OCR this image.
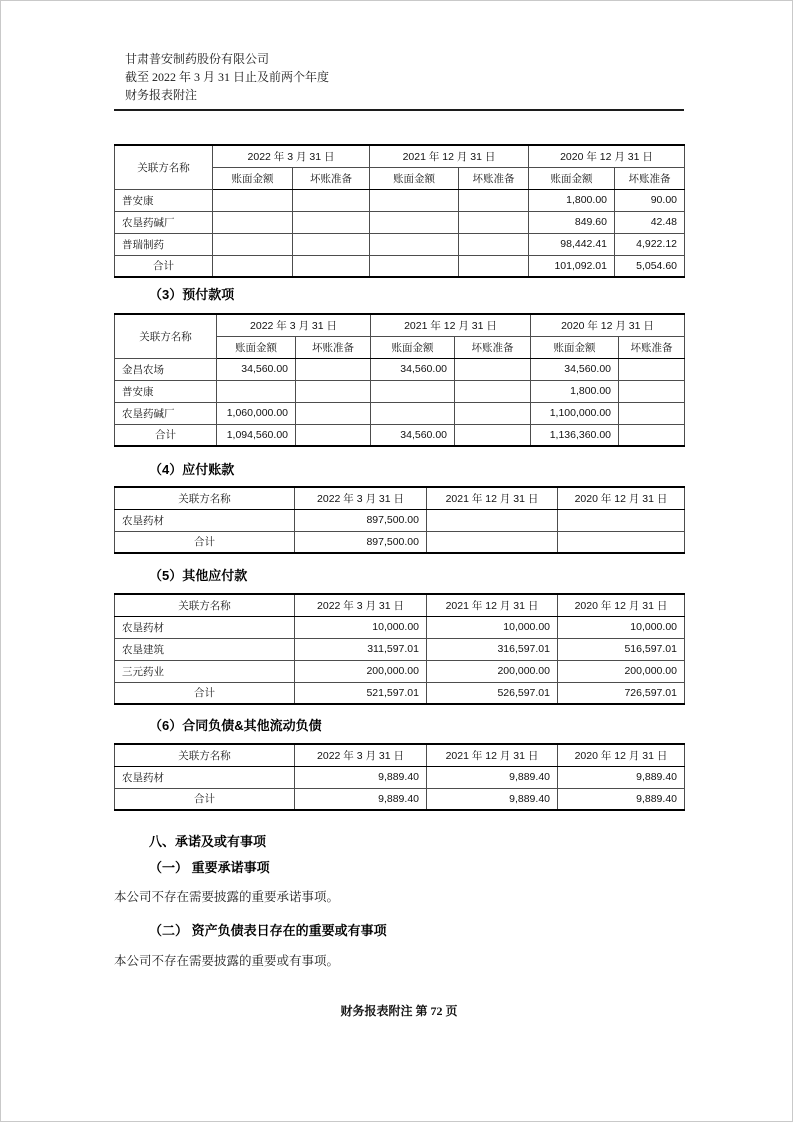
甘肃普安制药股份有限公司
截至 2022 年 3 月 31 日止及前两个年度
财务报表附注
关联方名称	2022 年 3 月 31 日		2021 年 12 月 31 日		2020 年 12 月 31 日	
	账面金额	坏账准备	账面金额	坏账准备	账面金额	坏账准备
普安康					1,800.00	90.00
农垦药碱厂					849.60	42.48
普瑞制药					98,442.41	4,922.12
合计					101,092.01	5,054.60

（3）预付款项

关联方名称	2022 年 3 月 31 日		2021 年 12 月 31 日		2020 年 12 月 31 日	
	账面金额	坏账准备	账面金额	坏账准备	账面金额	坏账准备
金昌农场	34,560.00		34,560.00		34,560.00	
普安康					1,800.00	
农垦药碱厂	1,060,000.00				1,100,000.00	
合计	1,094,560.00		34,560.00		1,136,360.00	

（4）应付账款

关联方名称	2022 年 3 月 31 日	2021 年 12 月 31 日	2020 年 12 月 31 日
农垦药材	897,500.00		
合计	897,500.00		

（5）其他应付款

关联方名称	2022 年 3 月 31 日	2021 年 12 月 31 日	2020 年 12 月 31 日
农垦药材	10,000.00	10,000.00	10,000.00
农垦建筑	311,597.01	316,597.01	516,597.01
三元药业	200,000.00	200,000.00	200,000.00
合计	521,597.01	526,597.01	726,597.01

（6）合同负债&其他流动负债

关联方名称	2022 年 3 月 31 日	2021 年 12 月 31 日	2020 年 12 月 31 日
农垦药材	9,889.40	9,889.40	9,889.40
合计	9,889.40	9,889.40	9,889.40

八、承诺及或有事项

（一） 重要承诺事项

本公司不存在需要披露的重要承诺事项。

（二） 资产负债表日存在的重要或有事项

本公司不存在需要披露的重要或有事项。

财务报表附注 第 72 页
